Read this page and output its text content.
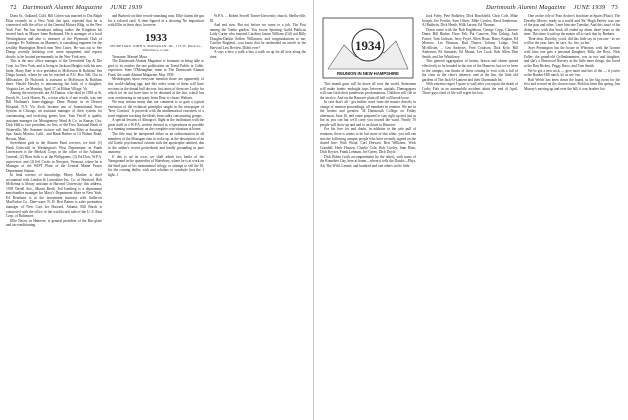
72 Dartmouth Alumni Magazine JUNE 1939

Dona St., Oakland, Calif. Bill Cohen was married to Dot Ralph Elias recently in a New York Jan spot, reported that he is connected with the office of the General Motors Bldg. at the New York Fair. Pat has broadcast talking radios the Kingdom his moved back as Misses Irene Redmond. He is manager of a local Westinghouse and also is treasurer of the Plymouth Club of Carnegie. Ev Naffman, on Manners, is consulting engineer for the wealthy Huntington Beach near New Lines. He was out to See Dunge recently finishing over some equipment, and reports shortly to be located permanently in the New York area.

This is the new office manager of the Greenfield Tap & Die Corp. for New York, and is living in Jackson Heights with his new bride. Harry Barr is vice president to McKesson & Robbins' Sea Dingo branch, where he can be reached at P.O. Box 546. Out in Milwaukee, Dr Holcomb is assistant to McKesson & Robbins there. Harold Hawley is announcing the birth of a daughter, Virginia Lee, on Monday, April 17, at Hilton Village, Va.

Among the newlyweds are Al Dumas, who died in 1938 at St. Enoch St., Lock Haven, Pa., a town which, if one recalls, was one Bill Hoffman's home-diggings. Dene Platner in in Denver Hospital, N.Y. Vic Koch became one of International Store System in Chicago, an assistant manager of their system for consumating and receiving germs here. Tom Terrill is quality assistant manager for Montgomery Ward & Co. in Kansas City. Dick Hall is vice president, no less, of the First National Bank of Waterville, Me. Summer visitors will find Jim Riley at Saratoga Spa, Santa Monica, Calif., and Hank Barber at 14 Walnut Road, Boston, Mass.

Sweetheart girls in the Alumni Fund services, we find: (1) Hank Griswold, in Washington's Wise Department; in Frank Linveraxen is the Medical Corps in the office of the Adjutant General; (2) Bion Salls is at the Philippines; (3) Ed Dow, W.P.A. supervisor; and (4) Jeff Crofts in Newport, Vermont, where he is Manager of the WIPT Plant of the Central Maine Power Department Station.

In final science of knowledge, Henry Mosher is chief accountant with London & Lancashire Ins. Co. of Hartford. Bob McKenna is library assistant at Harvard University; this address, 1939 Terrell Ave., Mount Berth. Ted Isenberg is a department merchandise manager for Macy's Department Store in New York. Ed Dearborn is in the investment business with Sallie-on MacFarlan Co., Dare-ware, N. H. Bert Bairno is sales promotion manager of New Cars for Harvard, Atlanta; Bill Burch is connected with the office of the world truck sale of the U. S. Rust Corp. of Baltimore.

Ellie Neves, in Hanover, is general president of the Bur glaze and air-conditioning

and Burbeck on their record-smashing runs. Ellie claims the gas for a colored card. A time figured in a showing No imposition with Ellie in these days, however.

1933
SECRETARY, JOHN S. MONAGAN, JR., 175 W. Main St., Waterbury, Conn.

Treasurer, Manuel Mora

The Dartmouth Alumni Magazine is fortunate in being able to give to its readers the one publication on Trend Public in Cable, expection. Sons O'Monaghan, mine to The Dartmouth Alumni Fund, the south Alumni Magazine, May 1939.

Metholognes upon everyone mention those are apparently of this world-shaking app, and this order some of them will have sections in the dental bull doctors. but, most of them are Lucky for which we do not have time to be detained at the last, which has won overhearing in our party from Dear to classic Waltaes.

We may inform many that our comment is to gain a typical extension of the technical principles taught in the newspaper of 'New Comfort'. It proceeds with the mathematical exactness of a town engineer tracking the ideals from sulky constructing groups.

A special lessons of Almagro's flight in the inclination with the great itself at a W.P.A. worker dressed as a lyperchusa as possible is a running commentary on the complete sour situation at home.

The title may be interpreted either as an ordinarization in all members of the Monagan clan to woke up, at the description of an old Gaelic psychonesial custom with the apostrophe omitted, due to the author's recent pocketbook and hardly grounding in pure anatomy.

If this is ad its own, we shall admit two battle of the Namgroand in the quarterlies of Waterbury, where he is at work on the third part of his monumental trilogy, to attempt to sell the IS, for the coming ability with and scholars to conclude (not the 1 light, 1

W.P.A. ... Robert Sewell Turner-University church, Shelbyville, Ill.

And end now. But not before we come to a job. The Post among the Tonbo guiden. You swore Sporting Guild Publicus Lady Carter who married Carolina Janice William (Gil) ard Billy Douglas-Darkin Sallow Wilkinson, and congratulations to me, Carolee Bugland—you know that he unfinished an article in the Harvard Law Review. Didn't ever?

A says a how a walk a box a walk on up for all lose along the time.

Dartmouth Alumni Magazine JUNE 1939 73
1934
REUNION IN NEW HAMPSHIRE

This month guns will be down all over the world. Statesmen will make frantic midnight trips between capitals. Demagogues will roar forth their ponderous proclamations. Children will file in the service. And on the Hanover plain all hell will break loose.

In case that's all - get further word from the master directly in charge of reunion proceedings, all members in reunion. We are in the hottest and greatest '34 Dartmouth College on Friday afternoon, June 16, and come prepared to stay right up and just as hot as you can but we'll carry you toward the ward. Nearly 70 people will show up and and to on down to Hanover.

For his love for and doubt, in addition to the safe pull of reunions, there is seems to be lost more of this affair, you will ran into the following campus people who have recently signed on the dotted line: Walt Wood, Carl Drewett, Bert Williams, Wick Crandall, Herb Huston, Charlie Cole, Bob Cooley, Sam Blair, Dick Keyser, Frank Lehman, Joe Green, Dick Doyle.

Dick Robin (with accompaniment by the other), with some of the Rounders Gay, here at home—where it tells the Dawks—Phys, Ad, The Wild, Lennie, and hundred and one others in the little.

Jack Foley, Pete Bulkeley, Dick Burchfield, Chris Cole, Mike Joseph, Joe Fowler, Sam Oliver, Mike Cowles, Reed Sanderson, Al Baldwin, Dick Heath, Wilk Larsen, Ed Thomas.

Down some with the Bob Englehorn, George Copp, Clarence Dunn, Bill Rinker, Dave Felt, Pat Conover, Ben Gehrig, Jack Foster, Tom Jackson, Jerry Fryer, Allen Ryan, Harry Kaplan, Ed Morrow, Les Ehrman, Bud Thayer, Johnny Lodge, Ned McAllister, ... Len Andrews, Fred Cookson, Dick Kyle, Bill Andersen, Ed Simonds, Ed Moran, Lee Cook, Rob Allen, Ben Smith, and Joe Whittlesey.

This general aggregation of brains, brawn and charm spread effectively to be bonded to the rest of the Hanover, but we've been to the campus, one thinks of these coming to visit with a full of the class in the class's absence; and at the Inn, the little old gardens of The Jack-O-Lantern and their Dartmouth hit.

With extreme regret I spare to wall after you report the death of Corky Fish in an automobile accident about the end of April. Those guys fond of life will regret his loss.

One on the role of Fran Archer's brochure in Spain (Pluto). The Dorothy Moore, ready as a world and 'Sir' Hugh Fairley was one of the past and other, I met him one Tuesday. And this issue of his doing now with this book all ended up about three years to the time. This time it said up the matter all to such that by Barbara.

'Dear dear, Dorothy, you'd, did this little say in you one - as we will be the year, here, he says. So, fire, ya bet.'

Ayer Pennington has the house in Wheaton, with the Gomez with him; one gets a personal Daughter, Billy, the Boys. Nick Fuller; the grand-old Gyllenhammers, you in two and daughter, and she's a Sherwood Nursery in the little more things, she loved at the Bart Rickey; Peggy Knox, and Tom Smith.

We've got a new trick — give more and lots of the — if you're at the Bunker Hill ranch, let us see 'em.

Bob Welch has been down the board, in the big room for the first and second on the chosen issue. Bob has been this spring, Jim Murray's moving up and over the hill, it was brother Joe.
